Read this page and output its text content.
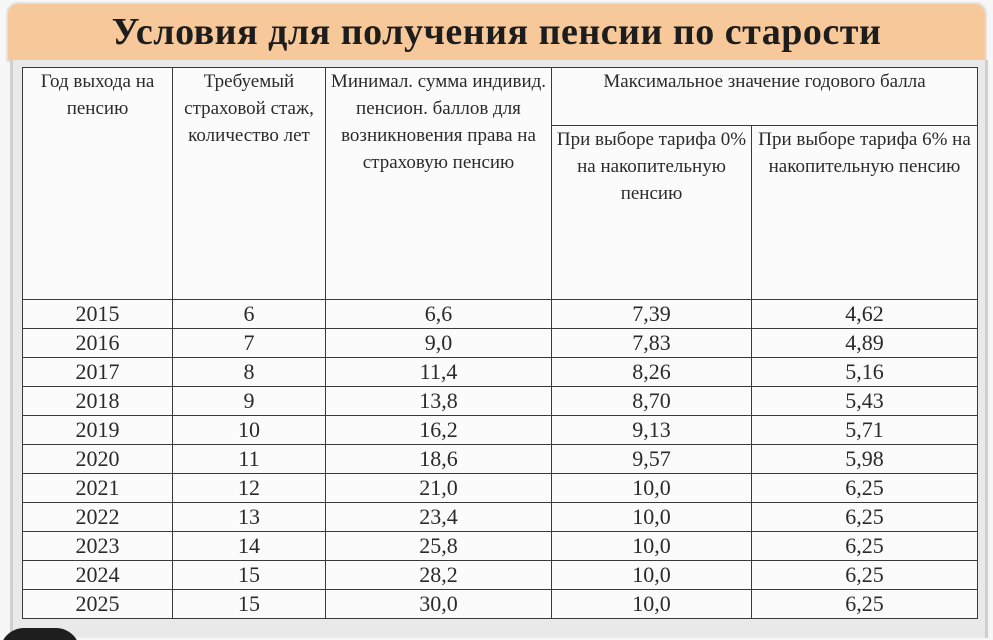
Условия для получения пенсии по старости
Год выхода на пенсию	Требуемый страховой стаж, количество лет	Минимал. сумма индивид. пенсион. баллов для возникновения права на страховую пенсию	Максимальное значение годового балла	
			При выборе тарифа 0% на накопительную пенсию	При выборе тарифа 6% на накопительную пенсию
2015	6	6,6	7,39	4,62
2016	7	9,0	7,83	4,89
2017	8	11,4	8,26	5,16
2018	9	13,8	8,70	5,43
2019	10	16,2	9,13	5,71
2020	11	18,6	9,57	5,98
2021	12	21,0	10,0	6,25
2022	13	23,4	10,0	6,25
2023	14	25,8	10,0	6,25
2024	15	28,2	10,0	6,25
2025	15	30,0	10,0	6,25
